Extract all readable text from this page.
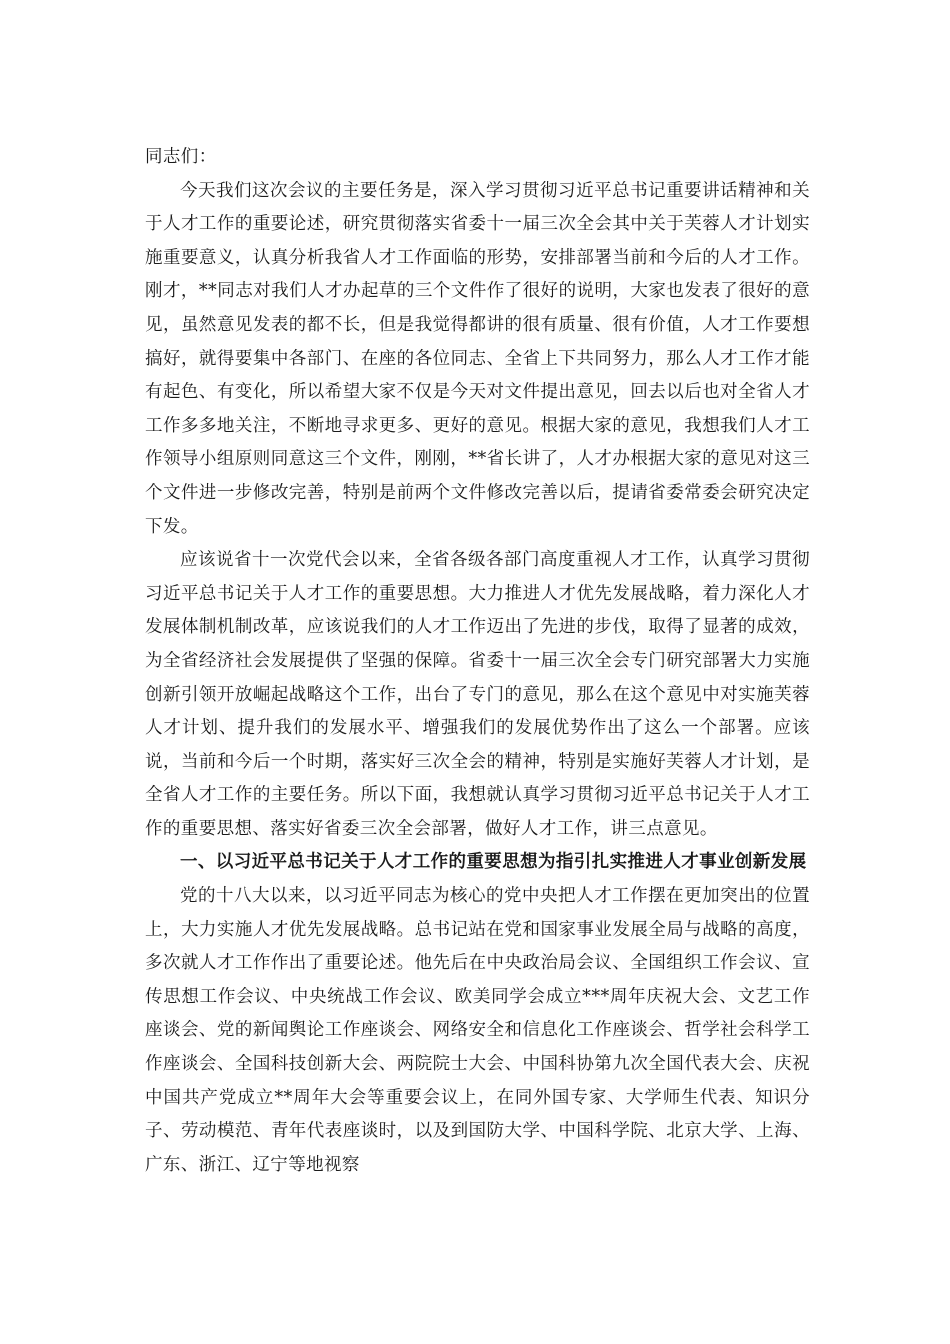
同志们：

今天我们这次会议的主要任务是，深入学习贯彻习近平总书记重要讲话精神和关于人才工作的重要论述，研究贯彻落实省委十一届三次全会其中关于芙蓉人才计划实施重要意义，认真分析我省人才工作面临的形势，安排部署当前和今后的人才工作。刚才，**同志对我们人才办起草的三个文件作了很好的说明，大家也发表了很好的意见，虽然意见发表的都不长，但是我觉得都讲的很有质量、很有价值，人才工作要想搞好，就得要集中各部门、在座的各位同志、全省上下共同努力，那么人才工作才能有起色、有变化，所以希望大家不仅是今天对文件提出意见，回去以后也对全省人才工作多多地关注，不断地寻求更多、更好的意见。根据大家的意见，我想我们人才工作领导小组原则同意这三个文件，刚刚，**省长讲了，人才办根据大家的意见对这三个文件进一步修改完善，特别是前两个文件修改完善以后，提请省委常委会研究决定下发。

应该说省十一次党代会以来，全省各级各部门高度重视人才工作，认真学习贯彻习近平总书记关于人才工作的重要思想。大力推进人才优先发展战略，着力深化人才发展体制机制改革，应该说我们的人才工作迈出了先进的步伐，取得了显著的成效，为全省经济社会发展提供了坚强的保障。省委十一届三次全会专门研究部署大力实施创新引领开放崛起战略这个工作，出台了专门的意见，那么在这个意见中对实施芙蓉人才计划、提升我们的发展水平、增强我们的发展优势作出了这么一个部署。应该说，当前和今后一个时期，落实好三次全会的精神，特别是实施好芙蓉人才计划，是全省人才工作的主要任务。所以下面，我想就认真学习贯彻习近平总书记关于人才工作的重要思想、落实好省委三次全会部署，做好人才工作，讲三点意见。

一、以习近平总书记关于人才工作的重要思想为指引扎实推进人才事业创新发展

党的十八大以来，以习近平同志为核心的党中央把人才工作摆在更加突出的位置上，大力实施人才优先发展战略。总书记站在党和国家事业发展全局与战略的高度，多次就人才工作作出了重要论述。他先后在中央政治局会议、全国组织工作会议、宣传思想工作会议、中央统战工作会议、欧美同学会成立***周年庆祝大会、文艺工作座谈会、党的新闻舆论工作座谈会、网络安全和信息化工作座谈会、哲学社会科学工作座谈会、全国科技创新大会、两院院士大会、中国科协第九次全国代表大会、庆祝中国共产党成立**周年大会等重要会议上，在同外国专家、大学师生代表、知识分子、劳动模范、青年代表座谈时，以及到国防大学、中国科学院、北京大学、上海、广东、浙江、辽宁等地视察
